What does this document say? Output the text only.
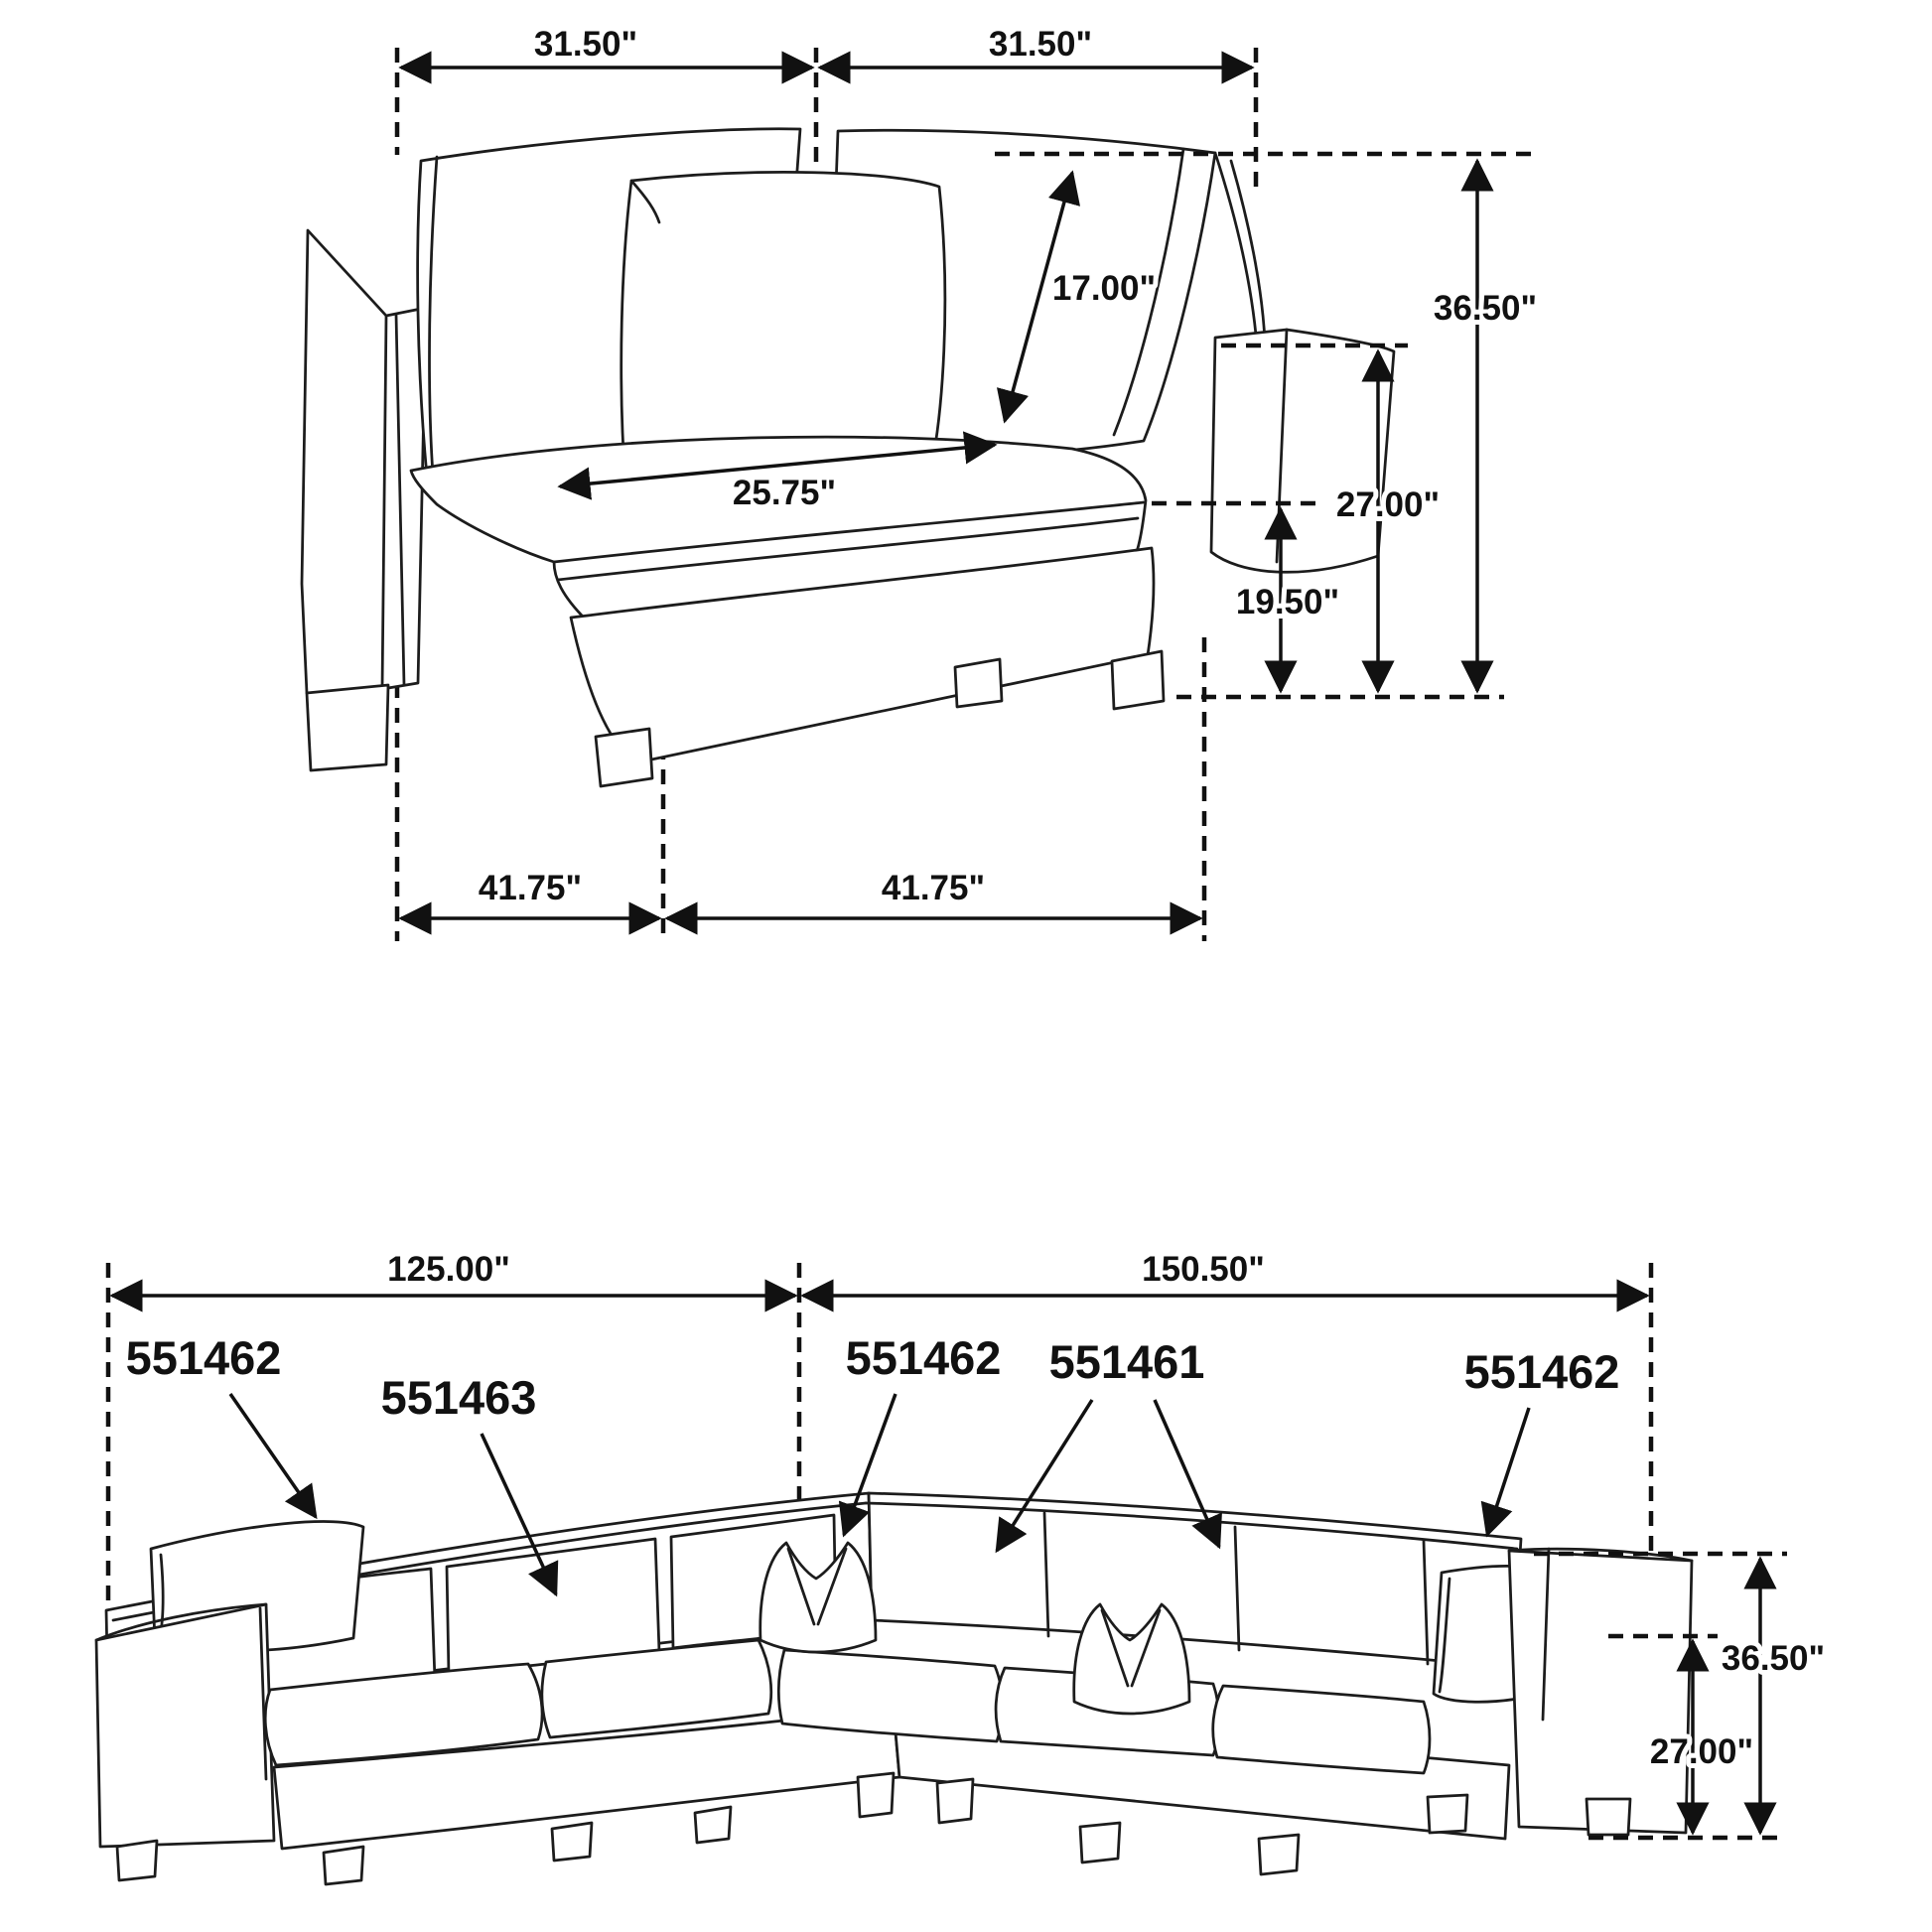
31.50"	31.50"
36.50"
27.00"
19.50"
17.00"
25.75"
41.75"	41.75"
125.00"	150.50"
36.50"
27.00"
551462
551463
551462 551461	551462
